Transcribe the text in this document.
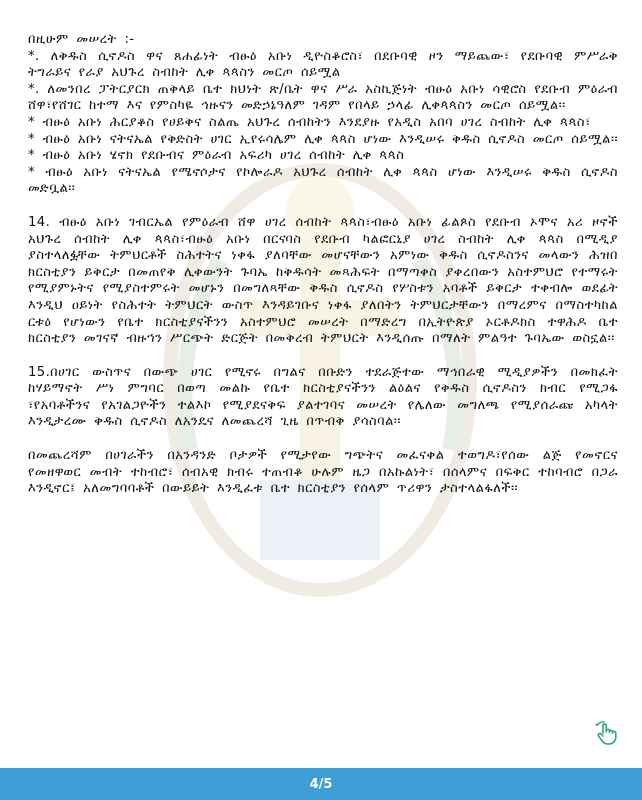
በዚሁም መሠረት :-

*. ለቅዱስ ሲኖዶስ ዋና ጸሐፊነት ብፁዕ አቡነ ዲዮስቆሮስ፣ በደቡባዊ ዞን ማይጨው፣ የደቡባዊ ምሥራቅ ትግራይና የራያ አህጉረ ስብከት ሊቀ ጳጳስን መርጦ ሰይሟል

*. ለመንበረ ፓትርያርክ ጠቅላይ ቤተ ክህነት ጽ/ቤት ዋና ሥራ አስኪጅነት ብፁዕ አቡነ ሳዊሮስ የደቡብ ምዕራብ ሸዋ፣የሸገር ከተማ እና የምስካዬ ኅዙናን መድኃኔዓለም ገዳም የበላይ ኃላፊ ሊቀጳጳስን መርጦ ሰይሟል፡፡

* ብፁዕ አቡነ ሕርያቆስ የሀይቅና ስልጤ አህጉረ ሰብከትን እንደያዙ የአዲስ አበባ ሀገረ ስብከት ሊቀ ጳጳስ፣

* ብፁዕ አቡነ ናትናኤል የቅድስት ሀገር ኢየሩሳሌም ሊቀ ጳጳስ ሆነው እንዲሠሩ ቅዱስ ሲኖዶስ መርጦ ሰይሟል፡፡

* ብፁዕ አቡነ ሄኖክ የደቡብና ምዕራብ አፍሪካ ሀገረ ሰብከት ሊቀ ጳጳስ

* ብፁዕ አቡነ ናትናኤል የሜኖሶታና የኮሎራዶ አህጉረ ሰብከት ሊቀ ጳጳስ ሆነው እንዲሠሩ ቅዱስ ሲኖዶስ መድቧል፡፡

14. ብፁዕ አቡነ ገብርኤል የምዕራብ ሸዋ ሀገረ ሰብከት ጳጳስ፣ብፁዕ አቡነ ፊልጶስ የደቡብ ኦሞና አሪ ዞኖች አህጉረ ሰብከት ሊቀ ጳጳስ፣ብፁዕ አቡነ በርናባስ የደቡብ ካልፎርኒያ ሀገረ ስብከት ሊቀ ጳጳስ በሚዲያ ያስተላለፏቸው ትምህርቶች ስሕተትና ነቀፋ ያለባቸው መሆናቸውን አምነው ቅዱስ ሲኖዶስንና መላውን ሕዝበ ክርስቲያን ይቅርታ በመጠየቅ ሊቀውንት ጉባኤ ከቅዱሳት መጻሕፍት በማጣቀስ ያቀረበውን አስተምህሮ የተማሩት የሚያምኑትና የሚያስተምሩት መሆኑን በመግለጻቸው ቅዱስ ሲኖዶስ የሦስቱን አባቶች ይቅርታ ተቀብሎ ወደፊት እንዲህ ዐይነት የስሕተት ትምህርት ውስጥ እንዳይገቡና ነቀፋ ያለበትን ትምህርታቸውን በማረምና በማስተካከል ርቱዕ የሆነውን የቤተ ክርስቲያናችንን አስተምህሮ መሠረት በማድረግ በኢትዮጵያ ኦርቶዶክስ ተዋሕዶ ቤተ ክርስቲያን መገናኛ ብዙኀን ሥርጭት ድርጅት በመቅረብ ትምህርት እንዲሰጡ በማለት ምልዓተ ጉባኤው ወስኗል፡፡

15.በሀገር ውስጥና በውጭ ሀገር የሚኖሩ በግልና በቡድን ተደራጅተው ማኅበራዊ ሚዲያዎችን በመክፈት ከሃይማኖት ሥነ ምግባር በወጣ መልኩ የቤተ ክርስቲያናችንን ልዕልና የቅዱስ ሲኖዶስን ክብር የሚጋፋ ፣የአባቶችንና የአገልጋዮችን ተልእኮ የሚያደናቅፍ ያልተገባና መሠረት የሌለው መግለጫ የሚያሰራጩ አካላት እንዲታረሙ ቅዱስ ሲኖዶስ ለአንዴና ለመጨረሻ ጊዜ በጥብቅ ያሳስባል፡፡

በመጨረሻም በሀገራችን በአንዳንድ ቦታዎች የሚታየው ግጭትና መፈናቀል ተወግዶ፣የሰው ልጅ የመኖርና የመዘዋወር መብት ተከብሮ፣ ሰብአዊ ክብሩ ተጠብቆ ሁሉም ዜጋ በአኩልነት፣ በሰላምና በፍቅር ተከባብሮ በጋራ እንዲኖር፤ አለመግባባቶች በውይይት እንዲፈቱ ቤተ ክርስቲያን የሰላም ጥሪዋን ታስተላልፋለች፡፡

4/5
